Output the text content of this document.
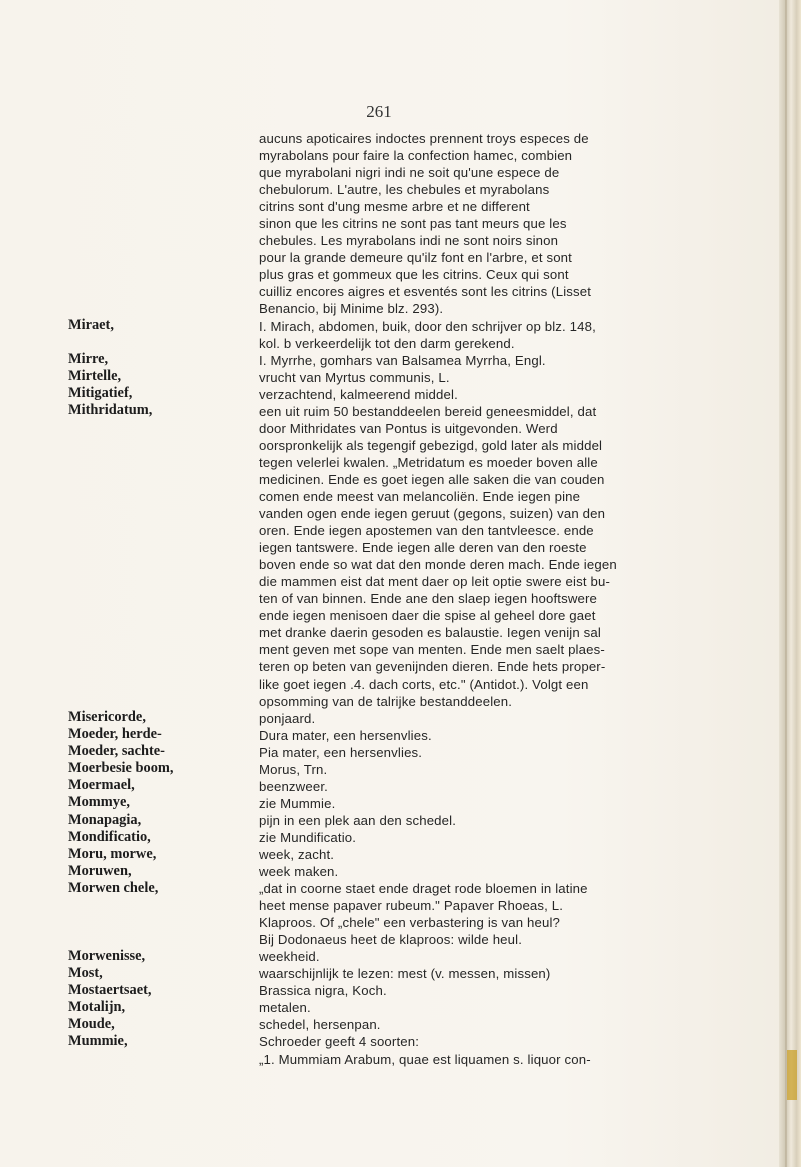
261
Miraet,
Mirre,
Mirtelle,
Mitigatief,
Mithridatum,
Misericorde,
Moeder, herde-
Moeder, sachte-
Moerbesie boom,
Moermael,
Mommye,
Monapagia,
Mondificatio,
Moru, morwe,
Moruwen,
Morwen chele,
Morwenisse,
Most,
Mostaertsaet,
Motalijn,
Moude,
Mummie,
aucuns apoticaires indoctes prennent troys especes de
myrabolans pour faire la confection hamec, combien
que myrabolani nigri indi ne soit qu'une espece de
chebulorum. L'autre, les chebules et myrabolans
citrins sont d'ung mesme arbre et ne different
sinon que les citrins ne sont pas tant meurs que les
chebules. Les myrabolans indi ne sont noirs sinon
pour la grande demeure qu'ilz font en l'arbre, et sont
plus gras et gommeux que les citrins. Ceux qui sont
cuilliz encores aigres et esventés sont les citrins (Lisset
Benancio, bij Minime blz. 293).
I. Mirach, abdomen, buik, door den schrijver op blz. 148,
kol. b verkeerdelijk tot den darm gerekend.
I. Myrrhe, gomhars van Balsamea Myrrha, Engl.
vrucht van Myrtus communis, L.
verzachtend, kalmeerend middel.
een uit ruim 50 bestanddeelen bereid geneesmiddel, dat
door Mithridates van Pontus is uitgevonden. Werd
oorspronkelijk als tegengif gebezigd, gold later als middel
tegen velerlei kwalen. „Metridatum es moeder boven alle
medicinen. Ende es goet iegen alle saken die van couden
comen ende meest van melancoliën. Ende iegen pine
vanden ogen ende iegen geruut (gegons, suizen) van den
oren. Ende iegen apostemen van den tantvleesce. ende
iegen tantswere. Ende iegen alle deren van den roeste
boven ende so wat dat den monde deren mach. Ende iegen
die mammen eist dat ment daer op leit optie swere eist bu-
ten of van binnen. Ende ane den slaep iegen hooftswere
ende iegen menisoen daer die spise al geheel dore gaet
met dranke daerin gesoden es balaustie. Iegen venijn sal
ment geven met sope van menten. Ende men saelt plaes-
teren op beten van gevenijnden dieren. Ende hets proper-
like goet iegen .4. dach corts, etc." (Antidot.). Volgt een
opsomming van de talrijke bestanddeelen.
ponjaard.
Dura mater, een hersenvlies.
Pia mater, een hersenvlies.
Morus, Trn.
beenzweer.
zie Mummie.
pijn in een plek aan den schedel.
zie Mundificatio.
week, zacht.
week maken.
„dat in coorne staet ende draget rode bloemen in latine
heet mense papaver rubeum." Papaver Rhoeas, L.
Klaproos. Of „chele" een verbastering is van heul?
Bij Dodonaeus heet de klaproos: wilde heul.
weekheid.
waarschijnlijk te lezen: mest (v. messen, missen)
Brassica nigra, Koch.
metalen.
schedel, hersenpan.
Schroeder geeft 4 soorten:
„1. Mummiam Arabum, quae est liquamen s. liquor con-
